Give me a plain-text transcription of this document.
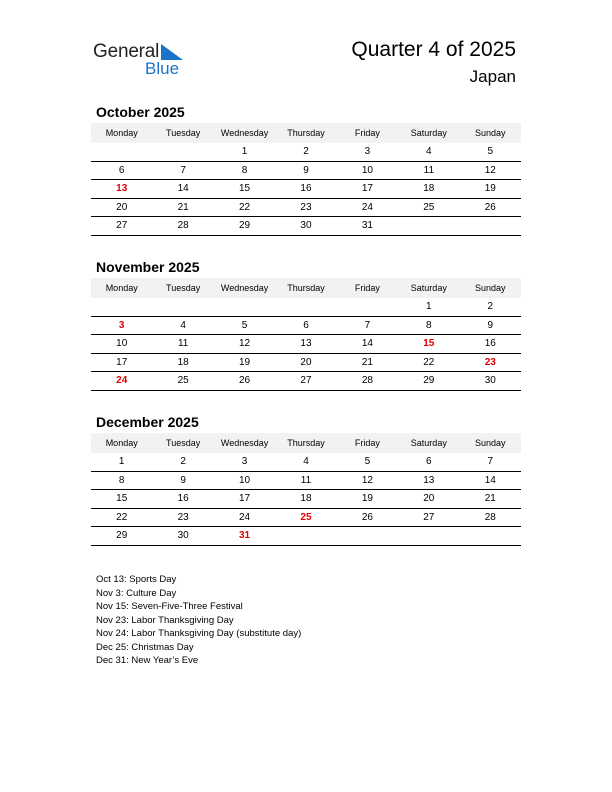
General
Blue
Quarter 4 of 2025
Japan
October 2025
Monday	Tuesday	Wednesday	Thursday	Friday	Saturday	Sunday
		1	2	3	4	5
6	7	8	9	10	11	12
13	14	15	16	17	18	19
20	21	22	23	24	25	26
27	28	29	30	31		
November 2025
Monday	Tuesday	Wednesday	Thursday	Friday	Saturday	Sunday
					1	2
3	4	5	6	7	8	9
10	11	12	13	14	15	16
17	18	19	20	21	22	23
24	25	26	27	28	29	30
December 2025
Monday	Tuesday	Wednesday	Thursday	Friday	Saturday	Sunday
1	2	3	4	5	6	7
8	9	10	11	12	13	14
15	16	17	18	19	20	21
22	23	24	25	26	27	28
29	30	31				
Oct 13: Sports Day
Nov 3: Culture Day
Nov 15: Seven-Five-Three Festival
Nov 23: Labor Thanksgiving Day
Nov 24: Labor Thanksgiving Day (substitute day)
Dec 25: Christmas Day
Dec 31: New Year’s Eve
